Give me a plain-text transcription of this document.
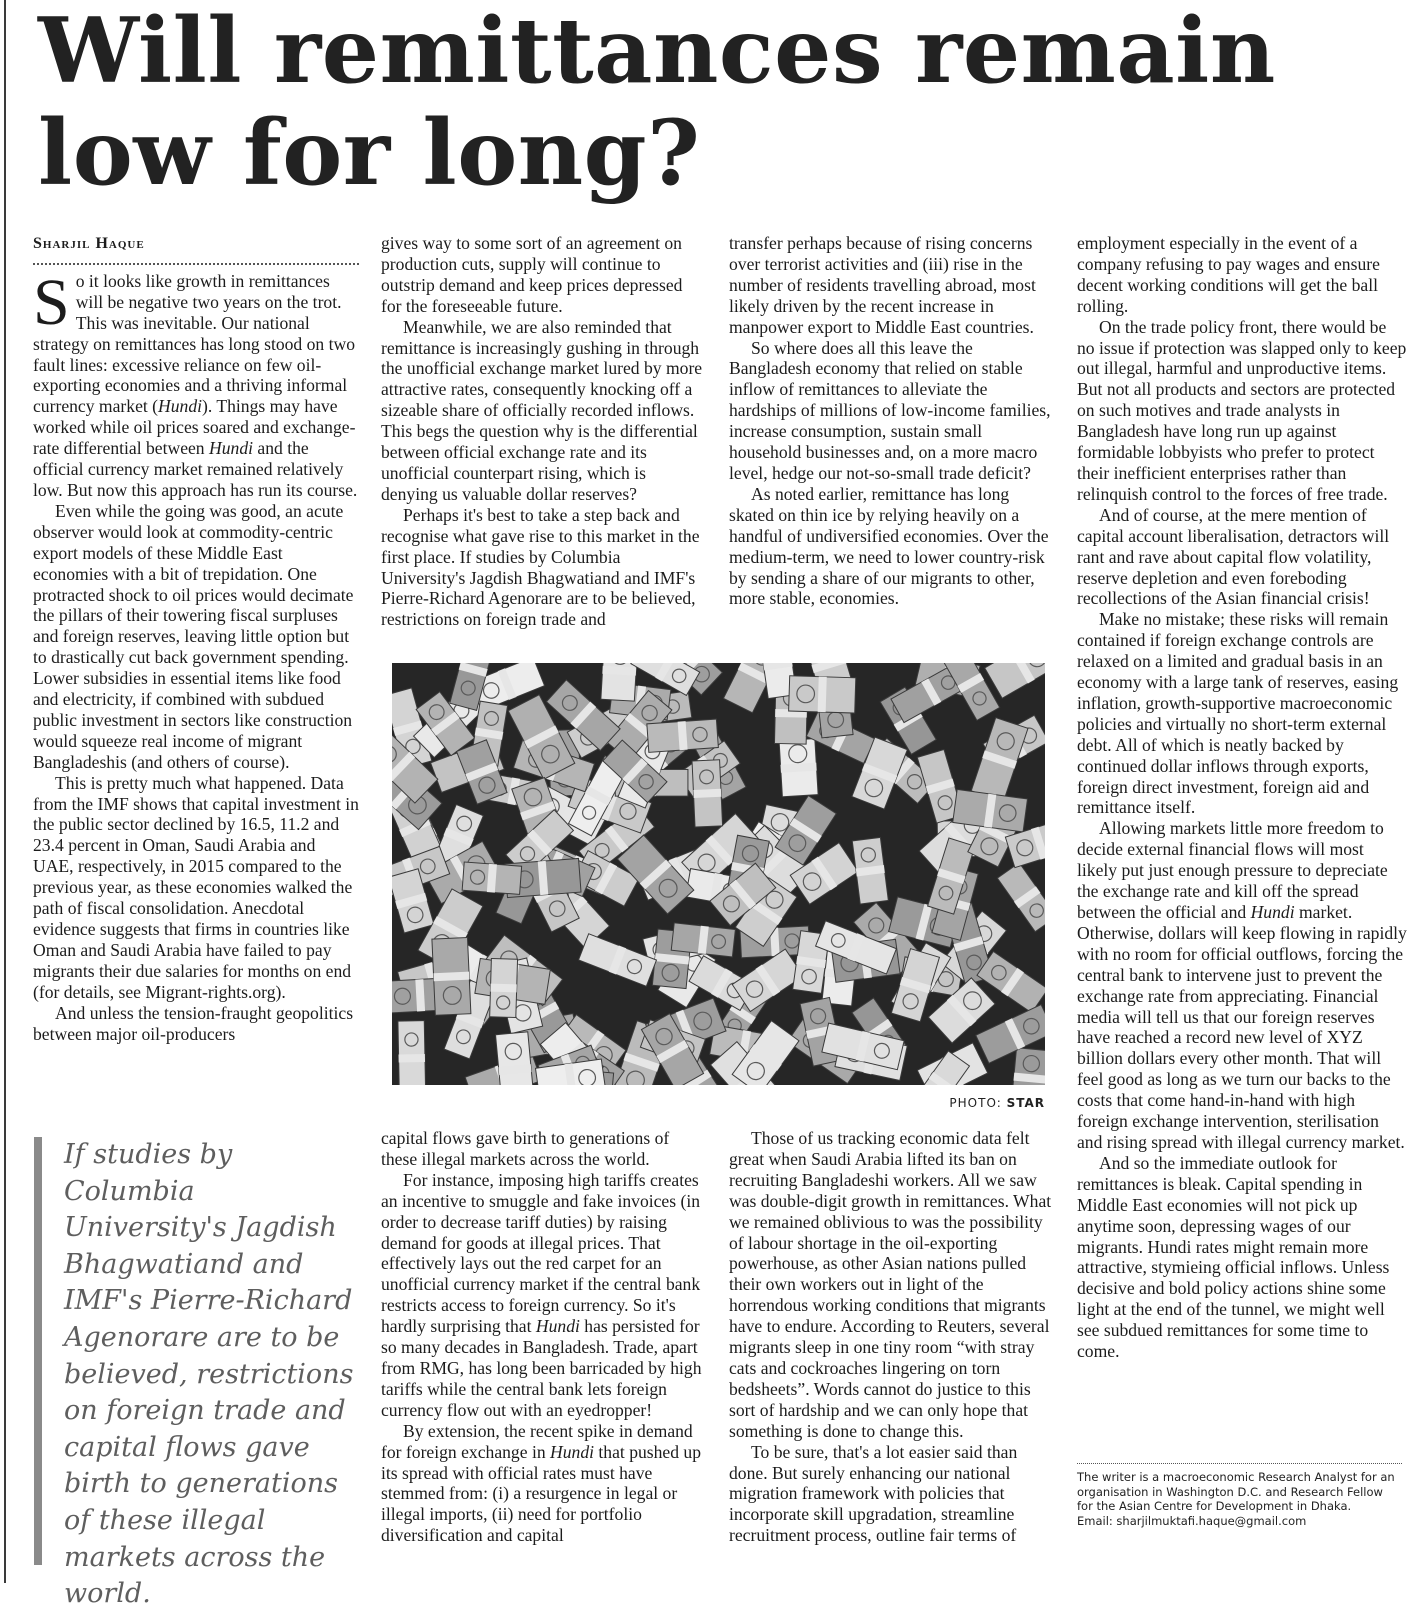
Will remittances remain low for long?
Sharjil Haque

So it looks like growth in remittances will be negative two years on the trot. This was inevitable. Our national strategy on remittances has long stood on two fault lines: excessive reliance on few oil-exporting economies and a thriving informal currency market (Hundi). Things may have worked while oil prices soared and exchange-rate differential between Hundi and the official currency market remained relatively low. But now this approach has run its course.

Even while the going was good, an acute observer would look at commodity-centric export models of these Middle East economies with a bit of trepidation. One protracted shock to oil prices would decimate the pillars of their towering fiscal surpluses and foreign reserves, leaving little option but to drastically cut back government spending. Lower subsidies in essential items like food and electricity, if combined with subdued public investment in sectors like construction would squeeze real income of migrant Bangladeshis (and others of course).

This is pretty much what happened. Data from the IMF shows that capital investment in the public sector declined by 16.5, 11.2 and 23.4 percent in Oman, Saudi Arabia and UAE, respectively, in 2015 compared to the previous year, as these economies walked the path of fiscal consolidation. Anecdotal evidence suggests that firms in countries like Oman and Saudi Arabia have failed to pay migrants their due salaries for months on end (for details, see Migrant-rights.org).

And unless the tension-fraught geopolitics between major oil-producers

gives way to some sort of an agreement on production cuts, supply will continue to outstrip demand and keep prices depressed for the foreseeable future.

Meanwhile, we are also reminded that remittance is increasingly gushing in through the unofficial exchange market lured by more attractive rates, consequently knocking off a sizeable share of officially recorded inflows. This begs the question why is the differential between official exchange rate and its unofficial counterpart rising, which is denying us valuable dollar reserves?

Perhaps it's best to take a step back and recognise what gave rise to this market in the first place. If studies by Columbia University's Jagdish Bhagwatiand and IMF's Pierre-Richard Agenorare are to be believed, restrictions on foreign trade and

transfer perhaps because of rising concerns over terrorist activities and (iii) rise in the number of residents travelling abroad, most likely driven by the recent increase in manpower export to Middle East countries.

So where does all this leave the Bangladesh economy that relied on stable inflow of remittances to alleviate the hardships of millions of low-income families, increase consumption, sustain small household businesses and, on a more macro level, hedge our not-so-small trade deficit?

As noted earlier, remittance has long skated on thin ice by relying heavily on a handful of undiversified economies. Over the medium-term, we need to lower country-risk by sending a share of our migrants to other, more stable, economies.

PHOTO: STAR

capital flows gave birth to generations of these illegal markets across the world.

For instance, imposing high tariffs creates an incentive to smuggle and fake invoices (in order to decrease tariff duties) by raising demand for goods at illegal prices. That effectively lays out the red carpet for an unofficial currency market if the central bank restricts access to foreign currency. So it's hardly surprising that Hundi has persisted for so many decades in Bangladesh. Trade, apart from RMG, has long been barricaded by high tariffs while the central bank lets foreign currency flow out with an eyedropper!

By extension, the recent spike in demand for foreign exchange in Hundi that pushed up its spread with official rates must have stemmed from: (i) a resurgence in legal or illegal imports, (ii) need for portfolio diversification and capital

Those of us tracking economic data felt great when Saudi Arabia lifted its ban on recruiting Bangladeshi workers. All we saw was double-digit growth in remittances. What we remained oblivious to was the possibility of labour shortage in the oil-exporting powerhouse, as other Asian nations pulled their own workers out in light of the horrendous working conditions that migrants have to endure. According to Reuters, several migrants sleep in one tiny room “with stray cats and cockroaches lingering on torn bedsheets”. Words cannot do justice to this sort of hardship and we can only hope that something is done to change this.

To be sure, that's a lot easier said than done. But surely enhancing our national migration framework with policies that incorporate skill upgradation, streamline recruitment process, outline fair terms of

employment especially in the event of a company refusing to pay wages and ensure decent working conditions will get the ball rolling.

On the trade policy front, there would be no issue if protection was slapped only to keep out illegal, harmful and unproductive items. But not all products and sectors are protected on such motives and trade analysts in Bangladesh have long run up against formidable lobbyists who prefer to protect their inefficient enterprises rather than relinquish control to the forces of free trade.

And of course, at the mere mention of capital account liberalisation, detractors will rant and rave about capital flow volatility, reserve depletion and even foreboding recollections of the Asian financial crisis!

Make no mistake; these risks will remain contained if foreign exchange controls are relaxed on a limited and gradual basis in an economy with a large tank of reserves, easing inflation, growth-supportive macroeconomic policies and virtually no short-term external debt. All of which is neatly backed by continued dollar inflows through exports, foreign direct investment, foreign aid and remittance itself.

Allowing markets little more freedom to decide external financial flows will most likely put just enough pressure to depreciate the exchange rate and kill off the spread between the official and Hundi market. Otherwise, dollars will keep flowing in rapidly with no room for official outflows, forcing the central bank to intervene just to prevent the exchange rate from appreciating. Financial media will tell us that our foreign reserves have reached a record new level of XYZ billion dollars every other month. That will feel good as long as we turn our backs to the costs that come hand-in-hand with high foreign exchange intervention, sterilisation and rising spread with illegal currency market.

And so the immediate outlook for remittances is bleak. Capital spending in Middle East economies will not pick up anytime soon, depressing wages of our migrants. Hundi rates might remain more attractive, stymieing official inflows. Unless decisive and bold policy actions shine some light at the end of the tunnel, we might well see subdued remittances for some time to come.

If studies by Columbia University's Jagdish Bhagwatiand and IMF's Pierre-Richard Agenorare are to be believed, restrictions on foreign trade and capital flows gave birth to generations of these illegal markets across the world.

The writer is a macroeconomic Research Analyst for an organisation in Washington D.C. and Research Fellow for the Asian Centre for Development in Dhaka.

Email: sharjilmuktafi.haque@gmail.com
